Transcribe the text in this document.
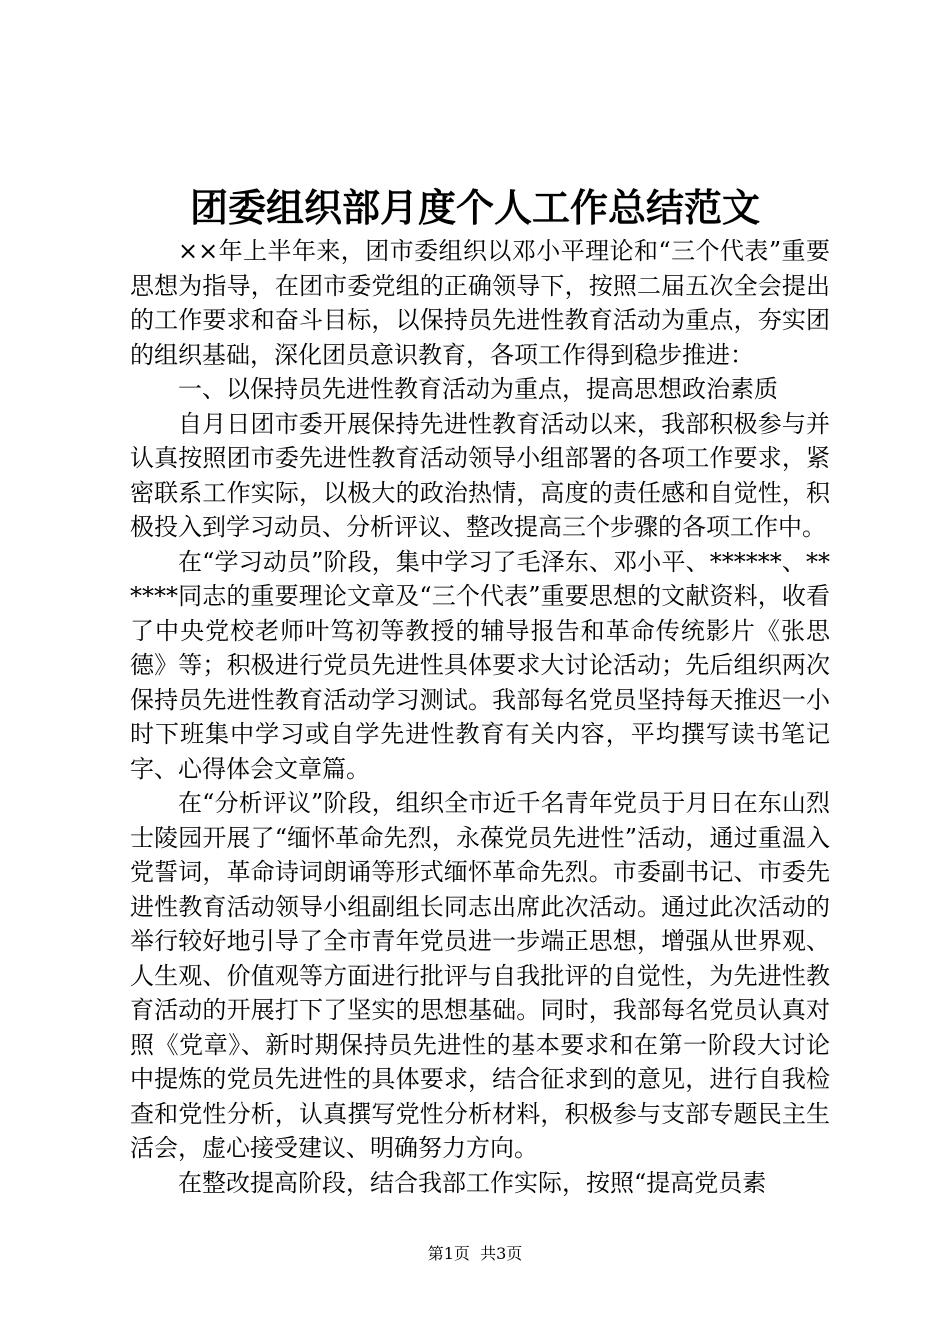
团委组织部月度个人工作总结范文

××年上半年来，团市委组织以邓小平理论和“三个代表”重要思想为指导，在团市委党组的正确领导下，按照二届五次全会提出的工作要求和奋斗目标，以保持员先进性教育活动为重点，夯实团的组织基础，深化团员意识教育，各项工作得到稳步推进：

一、以保持员先进性教育活动为重点，提高思想政治素质

自月日团市委开展保持先进性教育活动以来，我部积极参与并认真按照团市委先进性教育活动领导小组部署的各项工作要求，紧密联系工作实际，以极大的政治热情，高度的责任感和自觉性，积极投入到学习动员、分析评议、整改提高三个步骤的各项工作中。

在“学习动员”阶段，集中学习了毛泽东、邓小平、******、******同志的重要理论文章及“三个代表”重要思想的文献资料，收看了中央党校老师叶笃初等教授的辅导报告和革命传统影片《张思德》等；积极进行党员先进性具体要求大讨论活动；先后组织两次保持员先进性教育活动学习测试。我部每名党员坚持每天推迟一小时下班集中学习或自学先进性教育有关内容，平均撰写读书笔记字、心得体会文章篇。

在“分析评议”阶段，组织全市近千名青年党员于月日在东山烈士陵园开展了“缅怀革命先烈，永葆党员先进性”活动，通过重温入党誓词，革命诗词朗诵等形式缅怀革命先烈。市委副书记、市委先进性教育活动领导小组副组长同志出席此次活动。通过此次活动的举行较好地引导了全市青年党员进一步端正思想，增强从世界观、人生观、价值观等方面进行批评与自我批评的自觉性，为先进性教育活动的开展打下了坚实的思想基础。同时，我部每名党员认真对照《党章》、新时期保持员先进性的基本要求和在第一阶段大讨论中提炼的党员先进性的具体要求，结合征求到的意见，进行自我检查和党性分析，认真撰写党性分析材料，积极参与支部专题民主生活会，虚心接受建议、明确努力方向。

在整改提高阶段，结合我部工作实际，按照“提高党员素

第1页 共3页
